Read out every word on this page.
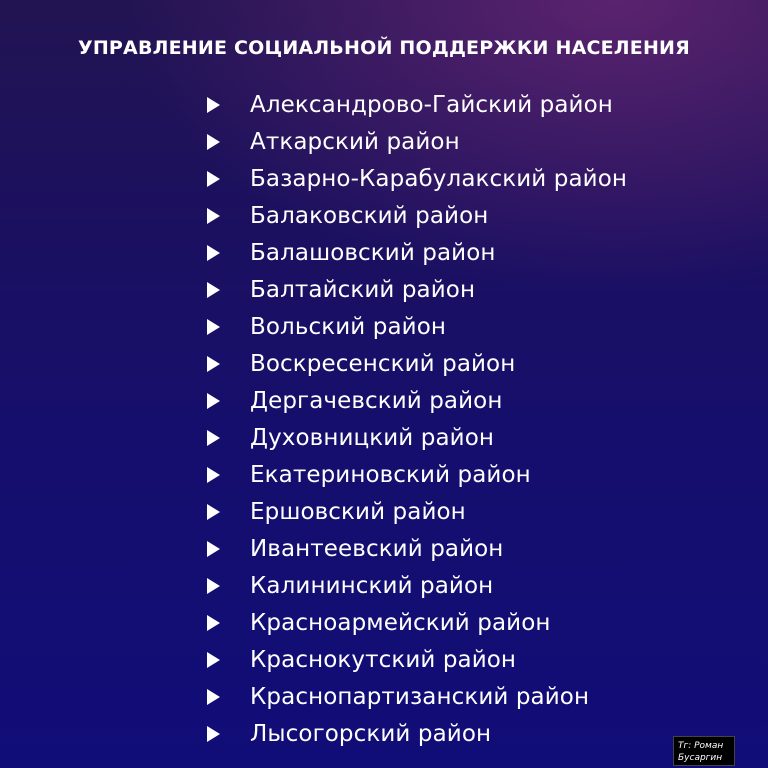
УПРАВЛЕНИЕ СОЦИАЛЬНОЙ ПОДДЕРЖКИ НАСЕЛЕНИЯ
Александрово-Гайский район
Аткарский район
Базарно-Карабулакский район
Балаковский район
Балашовский район
Балтайский район
Вольский район
Воскресенский район
Дергачевский район
Духовницкий район
Екатериновский район
Ершовский район
Ивантеевский район
Калининский район
Красноармейский район
Краснокутский район
Краснопартизанский район
Лысогорский район	Tг: Роман
Бусаргин
